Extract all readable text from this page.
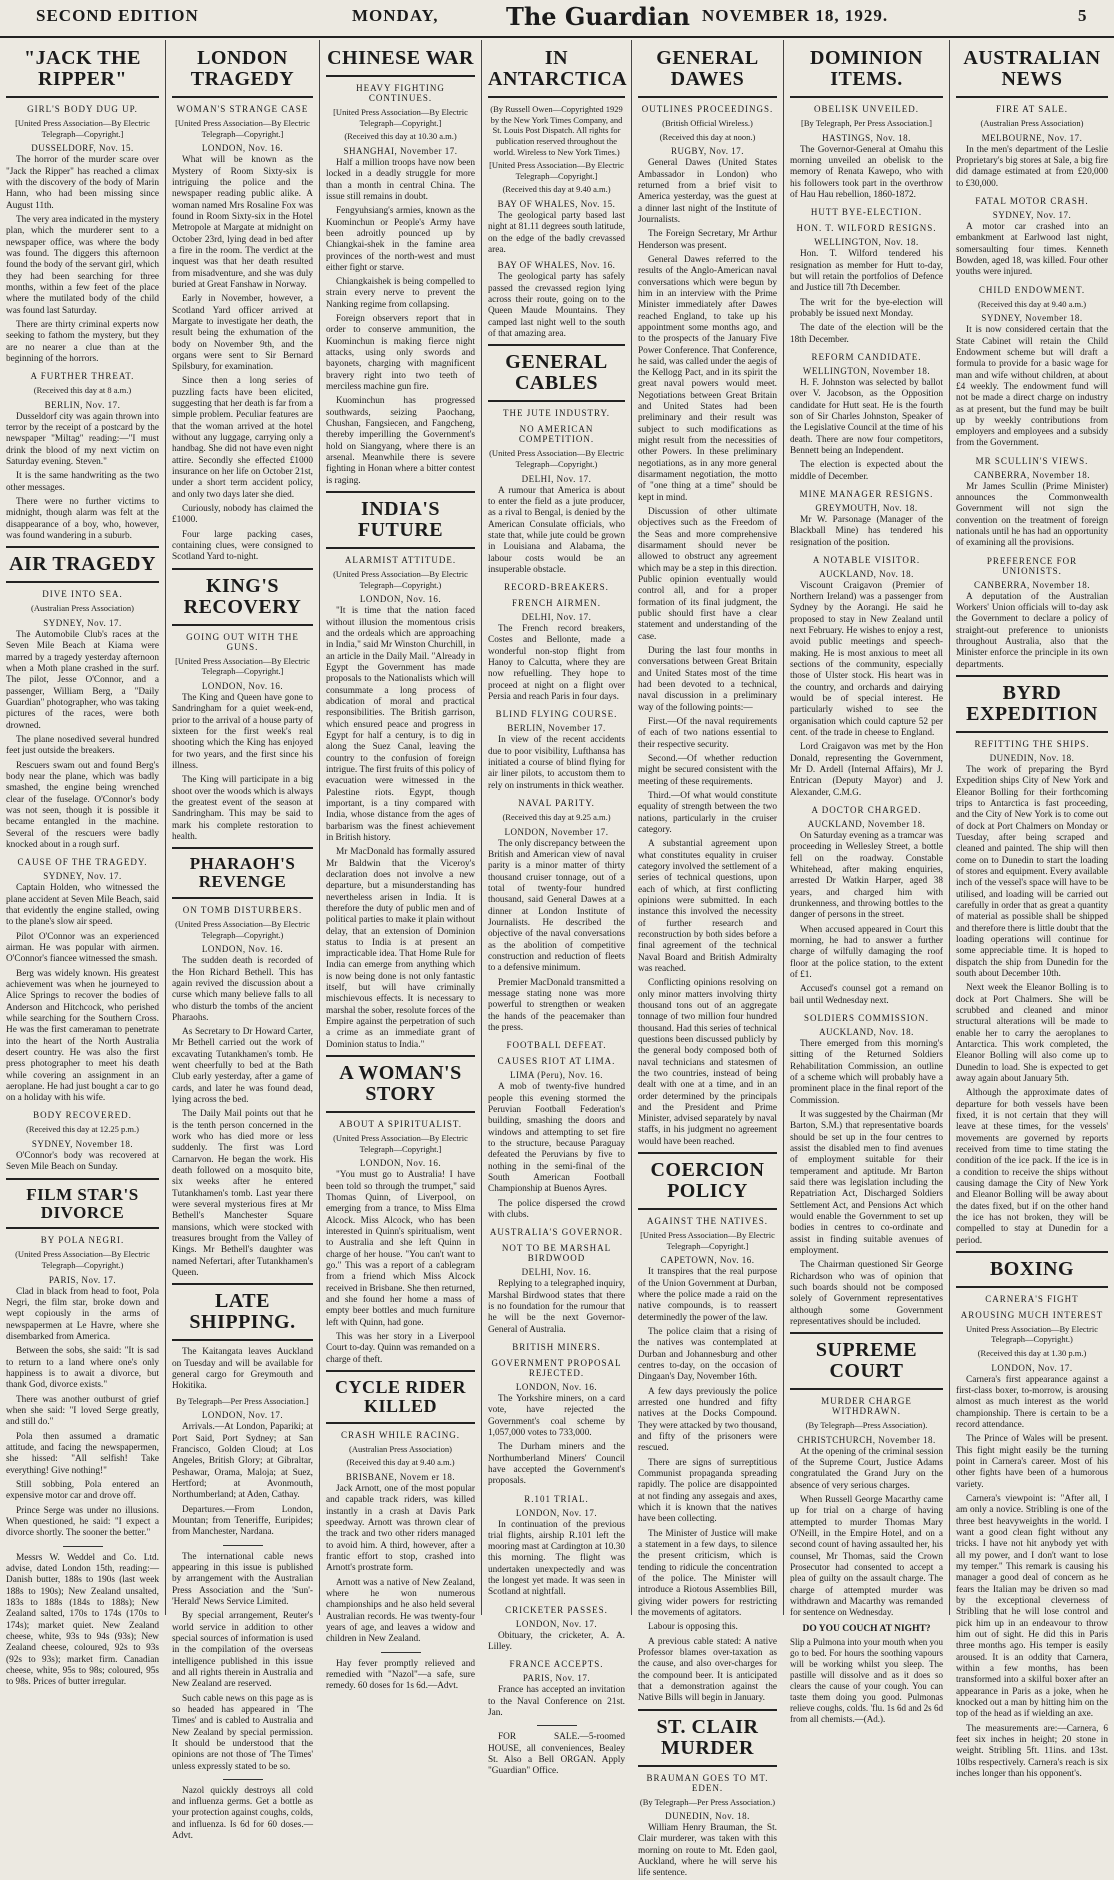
SECOND EDITION	MONDAY,	The Guardian NOVEMBER 18, 1929.	5
"JACK THE RIPPER"
GIRL'S BODY DUG UP.
[United Press Association—By Electric Telegraph—Copyright.]
DUSSELDORF, Nov. 15.

The horror of the murder scare over "Jack the Ripper" has reached a climax with the discovery of the body of Marin Hann, who had been missing since August 11th.

The very area indicated in the mystery plan, which the murderer sent to a newspaper office, was where the body was found. The diggers this afternoon found the body of the servant girl, which they had been searching for three months, within a few feet of the place where the mutilated body of the child was found last Saturday.

There are thirty criminal experts now seeking to fathom the mystery, but they are no nearer a clue than at the beginning of the horrors.

A FURTHER THREAT.
(Received this day at 8 a.m.)
BERLIN, Nov. 17.

Dusseldorf city was again thrown into terror by the receipt of a postcard by the newspaper "Miltag" reading:—"I must drink the blood of my next victim on Saturday evening. Steven."

It is the same handwriting as the two other messages.

There were no further victims to midnight, though alarm was felt at the disappearance of a boy, who, however, was found wandering in a suburb.

AIR TRAGEDY
DIVE INTO SEA.
(Australian Press Association)
SYDNEY, Nov. 17.

The Automobile Club's races at the Seven Mile Beach at Kiama were marred by a tragedy yesterday afternoon when a Moth plane crashed in the surf. The pilot, Jesse O'Connor, and a passenger, William Berg, a "Daily Guardian" photographer, who was taking pictures of the races, were both drowned.

The plane nosedived several hundred feet just outside the breakers.

Rescuers swam out and found Berg's body near the plane, which was badly smashed, the engine being wrenched clear of the fuselage. O'Connor's body was not seen, though it is possible it became entangled in the machine. Several of the rescuers were badly knocked about in a rough surf.

CAUSE OF THE TRAGEDY.
SYDNEY, Nov. 17.

Captain Holden, who witnessed the plane accident at Seven Mile Beach, said that evidently the engine stalled, owing to the plane's slow air speed.

Pilot O'Connor was an experienced airman. He was popular with airmen. O'Connor's fiancee witnessed the smash.

Berg was widely known. His greatest achievement was when he journeyed to Alice Springs to recover the bodies of Anderson and Hitchcock, who perished while searching for the Southern Cross. He was the first cameraman to penetrate into the heart of the North Australia desert country. He was also the first press photographer to meet his death while covering an assignment in an aeroplane. He had just bought a car to go on a holiday with his wife.

BODY RECOVERED.
(Received this day at 12.25 p.m.)
SYDNEY, November 18.

O'Connor's body was recovered at Seven Mile Beach on Sunday.

FILM STAR'S DIVORCE
BY POLA NEGRI.
(United Press Association—By Electric Telegraph—Copyright.)
PARIS, Nov. 17.

Clad in black from head to foot, Pola Negri, the film star, broke down and wept copiously in the arms of newspapermen at Le Havre, where she disembarked from America.

Between the sobs, she said: "It is sad to return to a land where one's only happiness is to await a divorce, but thank God, divorce exists."

There was another outburst of grief when she said: "I loved Serge greatly, and still do."

Pola then assumed a dramatic attitude, and facing the newspapermen, she hissed: "All selfish! Take everything! Give nothing!"

Still sobbing, Pola entered an expensive motor car and drove off.

Prince Serge was under no illusions. When questioned, he said: "I expect a divorce shortly. The sooner the better."

Messrs W. Weddel and Co. Ltd. advise, dated London 15th, reading:—Danish butter, 188s to 190s (last week 188s to 190s); New Zealand unsalted, 183s to 188s (184s to 188s); New Zealand salted, 170s to 174s (170s to 174s); market quiet. New Zealand cheese, white, 93s to 94s (93s); New Zealand cheese, coloured, 92s to 93s (92s to 93s); market firm. Canadian cheese, white, 95s to 98s; coloured, 95s to 98s. Prices of butter irregular.

LONDON TRAGEDY
WOMAN'S STRANGE CASE
[United Press Association—By Electric Telegraph—Copyright.]
LONDON, Nov. 16.

What will be known as the Mystery of Room Sixty-six is intriguing the police and the newspaper reading public alike. A woman named Mrs Rosaline Fox was found in Room Sixty-six in the Hotel Metropole at Margate at midnight on October 23rd, lying dead in bed after a fire in the room. The verdict at the inquest was that her death resulted from misadventure, and she was duly buried at Great Fanshaw in Norway.

Early in November, however, a Scotland Yard officer arrived at Margate to investigate her death, the result being the exhumation of the body on November 9th, and the organs were sent to Sir Bernard Spilsbury, for examination.

Since then a long series of puzzling facts have been elicited, suggesting that her death is far from a simple problem. Peculiar features are that the woman arrived at the hotel without any luggage, carrying only a handbag. She did not have even night attire. Secondly she effected £1000 insurance on her life on October 21st, under a short term accident policy, and only two days later she died.

Curiously, nobody has claimed the £1000.

Four large packing cases, containing clues, were consigned to Scotland Yard to-night.

KING'S RECOVERY
GOING OUT WITH THE GUNS.
[United Press Association—By Electric Telegraph—Copyright.]
LONDON, Nov. 16.

The King and Queen have gone to Sandringham for a quiet week-end, prior to the arrival of a house party of sixteen for the first week's real shooting which the King has enjoyed for two years, and the first since his illness.

The King will participate in a big shoot over the woods which is always the greatest event of the season at Sandringham. This may be said to mark his complete restoration to health.

PHARAOH'S REVENGE
ON TOMB DISTURBERS.
(United Press Association—By Electric Telegraph—Copyright.)
LONDON, Nov. 16.

The sudden death is recorded of the Hon Richard Bethell. This has again revived the discussion about a curse which many believe falls to all who disturb the tombs of the ancient Pharaohs.

As Secretary to Dr Howard Carter, Mr Bethell carried out the work of excavating Tutankhamen's tomb. He went cheerfully to bed at the Bath Club early yesterday, after a game of cards, and later he was found dead, lying across the bed.

The Daily Mail points out that he is the tenth person concerned in the work who has died more or less suddenly. The first was Lord Carnarvon. He began the work. His death followed on a mosquito bite, six weeks after he entered Tutankhamen's tomb. Last year there were several mysterious fires at Mr Bethell's Manchester Square mansions, which were stocked with treasures brought from the Valley of Kings. Mr Bethell's daughter was named Nefertari, after Tutankhamen's Queen.

LATE SHIPPING.

The Kaitangata leaves Auckland on Tuesday and will be available for general cargo for Greymouth and Hokitika.

By Telegraph—Per Press Association.]
LONDON, Nov. 17.

Arrivals.—At London, Papariki; at Port Said, Port Sydney; at San Francisco, Golden Cloud; at Los Angeles, British Glory; at Gibraltar, Peshawar, Orama, Maloja; at Suez, Hertford; at Avonmouth, Northumberland; at Aden, Cathay.

Departures.—From London, Mountan; from Teneriffe, Euripides; from Manchester, Nardana.

The international cable news appearing in this issue is published by arrangement with the Australian Press Association and the 'Sun'-'Herald' News Service Limited.

By special arrangement, Reuter's world service in addition to other special sources of information is used in the compilation of the overseas intelligence published in this issue and all rights therein in Australia and New Zealand are reserved.

Such cable news on this page as is so headed has appeared in 'The Times' and is cabled to Australia and New Zealand by special permission. It should be understood that the opinions are not those of 'The Times' unless expressly stated to be so.

Nazol quickly destroys all cold and influenza germs. Get a bottle as your protection against coughs, colds, and influenza. Is 6d for 60 doses.—Advt.

CHINESE WAR
HEAVY FIGHTING CONTINUES.
[United Press Association—By Electric Telegraph—Copyright.]
(Received this day at 10.30 a.m.)
SHANGHAI, November 17.

Half a million troops have now been locked in a deadly struggle for more than a month in central China. The issue still remains in doubt.

Fengyuhsiang's armies, known as the Kuominchun or People's Army have been adroitly pounced up by Chiangkai-shek in the famine area provinces of the north-west and must either fight or starve.

Chiangkaishek is being compelled to strain every nerve to prevent the Nanking regime from collapsing.

Foreign observers report that in order to conserve ammunition, the Kuominchun is making fierce night attacks, using only swords and bayonets, charging with magnificent bravery right into two teeth of merciless machine gun fire.

Kuominchun has progressed southwards, seizing Paochang, Chushan, Fangsiecen, and Fangcheng, thereby imperilling the Government's hold on Siangyang, where there is an arsenal. Meanwhile there is severe fighting in Honan where a bitter contest is raging.

INDIA'S FUTURE
ALARMIST ATTITUDE.
(United Press Association—By Electric Telegraph—Copyright.)
LONDON, Nov. 16.

"It is time that the nation faced without illusion the momentous crisis and the ordeals which are approaching in India," said Mr Winston Churchill, in an article in the Daily Mail. "Already in Egypt the Government has made proposals to the Nationalists which will consummate a long process of abdication of moral and practical responsibilities. The British garrison, which ensured peace and progress in Egypt for half a century, is to dig in along the Suez Canal, leaving the country to the confusion of foreign intrigue. The first fruits of this policy of evacuation were witnessed in the Palestine riots. Egypt, though important, is a tiny compared with India, whose distance from the ages of barbarism was the finest achievement in British history.

Mr MacDonald has formally assured Mr Baldwin that the Viceroy's declaration does not involve a new departure, but a misunderstanding has nevertheless arisen in India. It is therefore the duty of public men and of political parties to make it plain without delay, that an extension of Dominion status to India is at present an impracticable idea. That Home Rule for India can emerge from anything which is now being done is not only fantastic itself, but will have criminally mischievous effects. It is necessary to marshal the sober, resolute forces of the Empire against the perpetration of such a crime as an immediate grant of Dominion status to India."

A WOMAN'S STORY
ABOUT A SPIRITUALIST.
(United Press Association—By Electric Telegraph—Copyright.]
LONDON, Nov. 16.

"You must go to Australia! I have been told so through the trumpet," said Thomas Quinn, of Liverpool, on emerging from a trance, to Miss Elma Alcock. Miss Alcock, who has been interested in Quinn's spiritualism, went to Australia and she left Quinn in charge of her house. "You can't want to go." This was a report of a cablegram from a friend which Miss Alcock received in Brisbane. She then returned, and she found her home a mass of empty beer bottles and much furniture left with Quinn, had gone.

This was her story in a Liverpool Court to-day. Quinn was remanded on a charge of theft.

CYCLE RIDER KILLED
CRASH WHILE RACING.
(Australian Press Association)
(Received this day at 9.40 a.m.)
BRISBANE, Novem er 18.

Jack Arnott, one of the most popular and capable track riders, was killed instantly in a crash at Davis Park speedway. Arnott was thrown clear of the track and two other riders managed to avoid him. A third, however, after a frantic effort to stop, crashed into Arnott's prostrate form.

Arnott was a native of New Zealand, where he won numerous championships and he also held several Australian records. He was twenty-four years of age, and leaves a widow and children in New Zealand.

Hay fever promptly relieved and remedied with "Nazol"—a safe, sure remedy. 60 doses for 1s 6d.—Advt.

IN ANTARCTICA
(By Russell Owen—Copyrighted 1929 by the New York Times Company, and St. Louis Post Dispatch. All rights for publication reserved throughout the world. Wireless to New York Times.)
[United Press Association—By Electric Telegraph—Copyright.]
(Received this day at 9.40 a.m.)
BAY OF WHALES, Nov. 15.

The geological party based last night at 81.11 degrees south latitude, on the edge of the badly crevassed area.

BAY OF WHALES, Nov. 16.

The geological party has safely passed the crevassed region lying across their route, going on to the Queen Maude Mountains. They camped last night well to the south of that amazing area.

GENERAL CABLES
THE JUTE INDUSTRY.
NO AMERICAN COMPETITION.
(United Press Association—By Electric Telegraph—Copyright.)
DELHI, Nov. 17.

A rumour that America is about to enter the field as a jute producer, as a rival to Bengal, is denied by the American Consulate officials, who state that, while jute could be grown in Louisiana and Alabama, the labour costs would be an insuperable obstacle.

RECORD-BREAKERS.
FRENCH AIRMEN.
DELHI, Nov. 17.

The French record breakers, Costes and Bellonte, made a wonderful non-stop flight from Hanoy to Calcutta, where they are now refuelling. They hope to proceed at night on a flight over Persia and reach Paris in four days.

BLIND FLYING COURSE.
BERLIN, November 17.

In view of the recent accidents due to poor visibility, Lufthansa has initiated a course of blind flying for air liner pilots, to accustom them to rely on instruments in thick weather.

NAVAL PARITY.
(Received this day at 9.25 a.m.)
LONDON, November 17.

The only discrepancy between the British and American view of naval parity is a minor matter of thirty thousand cruiser tonnage, out of a total of twenty-four hundred thousand, said General Dawes at a dinner at London Institute of Journalists. He described the objective of the naval conversations as the abolition of competitive construction and reduction of fleets to a defensive minimum.

Premier MacDonald transmitted a message stating none was more powerful to strengthen or weaken the hands of the peacemaker than the press.

FOOTBALL DEFEAT.
CAUSES RIOT AT LIMA.
LIMA (Peru), Nov. 16.

A mob of twenty-five hundred people this evening stormed the Peruvian Football Federation's building, smashing the doors and windows and attempting to set fire to the structure, because Paraguay defeated the Peruvians by five to nothing in the semi-final of the South American Football Championship at Buenos Ayres.

The police dispersed the crowd with clubs.

AUSTRALIA'S GOVERNOR.
NOT TO BE MARSHAL BIRDWOOD
DELHI, Nov. 16.

Replying to a telegraphed inquiry, Marshal Birdwood states that there is no foundation for the rumour that he will be the next Governor-General of Australia.

BRITISH MINERS.
GOVERNMENT PROPOSAL REJECTED.
LONDON, Nov. 16.

The Yorkshire miners, on a card vote, have rejected the Government's coal scheme by 1,057,000 votes to 733,000.

The Durham miners and the Northumberland Miners' Council have accepted the Government's proposals.

R.101 TRIAL.
LONDON, Nov. 17.

In continuation of the previous trial flights, airship R.101 left the mooring mast at Cardington at 10.30 this morning. The flight was undertaken unexpectedly and was the longest yet made. It was seen in Scotland at nightfall.

CRICKETER PASSES.
LONDON, Nov. 17.

Obituary, the cricketer, A. A. Lilley.

FRANCE ACCEPTS.
PARIS, Nov. 17.

France has accepted an invitation to the Naval Conference on 21st. Jan.

FOR SALE.—5-roomed HOUSE, all conveniences, Bealey St. Also a Bell ORGAN. Apply "Guardian" Office.

GENERAL DAWES
OUTLINES PROCEEDINGS.
(British Official Wireless.)
(Received this day at noon.)
RUGBY, Nov. 17.

General Dawes (United States Ambassador in London) who returned from a brief visit to America yesterday, was the guest at a dinner last night of the Institute of Journalists.

The Foreign Secretary, Mr Arthur Henderson was present.

General Dawes referred to the results of the Anglo-American naval conversations which were begun by him in an interview with the Prime Minister immediately after Dawes reached England, to take up his appointment some months ago, and to the prospects of the January Five Power Conference. That Conference, he said, was called under the aegis of the Kellogg Pact, and in its spirit the great naval powers would meet. Negotiations between Great Britain and United States had been preliminary and their result was subject to such modifications as might result from the necessities of other Powers. In these preliminary negotiations, as in any more general disarmament negotiation, the motto of "one thing at a time" should be kept in mind.

Discussion of other ultimate objectives such as the Freedom of the Seas and more comprehensive disarmament should never be allowed to obstruct any agreement which may be a step in this direction. Public opinion eventually would control all, and for a proper formation of its final judgment, the public should first have a clear statement and understanding of the case.

During the last four months in conversations between Great Britain and United States most of the time had been devoted to a technical, naval discussion in a preliminary way of the following points:—

First.—Of the naval requirements of each of two nations essential to their respective security.

Second.—Of whether reduction might be secured consistent with the meeting of these requirements.

Third.—Of what would constitute equality of strength between the two nations, particularly in the cruiser category.

A substantial agreement upon what constitutes equality in cruiser category involved the settlement of a series of technical questions, upon each of which, at first conflicting opinions were submitted. In each instance this involved the necessity of further research and reconstruction by both sides before a final agreement of the technical Naval Board and British Admiralty was reached.

Conflicting opinions resolving on only minor matters involving thirty thousand tons out of an aggregate tonnage of two million four hundred thousand. Had this series of technical questions been discussed publicly by the general body composed both of naval technicians and statesmen of the two countries, instead of being dealt with one at a time, and in an order determined by the principals and the President and Prime Minister, advised separately by naval staffs, in his judgment no agreement would have been reached.

COERCION POLICY
AGAINST THE NATIVES.
[United Press Association—By Electric Telegraph—Copyright.]
CAPETOWN, Nov. 16.

It transpires that the real purpose of the Union Government at Durban, where the police made a raid on the native compounds, is to reassert determinedly the power of the law.

The police claim that a rising of the natives was contemplated at Durban and Johannesburg and other centres to-day, on the occasion of Dingaan's Day, November 16th.

A few days previously the police arrested one hundred and fifty natives at the Docks Compound. They were attacked by two thousand, and fifty of the prisoners were rescued.

There are signs of surreptitious Communist propaganda spreading rapidly. The police are disappointed at not finding any assegais and axes, which it is known that the natives have been collecting.

The Minister of Justice will make a statement in a few days, to silence the present criticism, which is tending to ridicule the concentration of the police. The Minister will introduce a Riotous Assemblies Bill, giving wider powers for restricting the movements of agitators.

Labour is opposing this.

A previous cable stated: A native Professor blames over-taxation as the cause, and also over-charges for the compound beer. It is anticipated that a demonstration against the Native Bills will begin in January.

ST. CLAIR MURDER
BRAUMAN GOES TO MT. EDEN.
(By Telegraph—Per Press Association.)
DUNEDIN, Nov. 18.

William Henry Brauman, the St. Clair murderer, was taken with this morning on route to Mt. Eden gaol, Auckland, where he will serve his life sentence.

DOMINION ITEMS.
OBELISK UNVEILED.
[By Telegraph, Per Press Association.]
HASTINGS, Nov. 18.

The Governor-General at Omahu this morning unveiled an obelisk to the memory of Renata Kawepo, who with his followers took part in the overthrow of Hau Hau rebellion, 1860-1872.

HUTT BYE-ELECTION.
HON. T. WILFORD RESIGNS.
WELLINGTON, Nov. 18.

Hon. T. Wilford tendered his resignation as member for Hutt to-day, but will retain the portfolios of Defence and Justice till 7th December.

The writ for the bye-election will probably be issued next Monday.

The date of the election will be the 18th December.

REFORM CANDIDATE.
WELLINGTON, November 18.

H. F. Johnston was selected by ballot over V. Jacobson, as the Opposition candidate for Hutt seat. He is the fourth son of Sir Charles Johnston, Speaker of the Legislative Council at the time of his death. There are now four competitors, Bennett being an Independent.

The election is expected about the middle of December.

MINE MANAGER RESIGNS.
GREYMOUTH, Nov. 18.

Mr W. Parsonage (Manager of the Blackball Mine) has tendered his resignation of the position.

A NOTABLE VISITOR.
AUCKLAND, Nov. 18.

Viscount Craigavon (Premier of Northern Ireland) was a passenger from Sydney by the Aorangi. He said he proposed to stay in New Zealand until next February. He wishes to enjoy a rest, avoid public meetings and speech-making. He is most anxious to meet all sections of the community, especially those of Ulster stock. His heart was in the country, and orchards and dairying would be of special interest. He particularly wished to see the organisation which could capture 52 per cent. of the trade in cheese to England.

Lord Craigavon was met by the Hon Donald, representing the Government, Mr D. Ardell (Internal Affairs), Mr J. Entrican (Deputy Mayor) and J. Alexander, C.M.G.

A DOCTOR CHARGED.
AUCKLAND, November 18.

On Saturday evening as a tramcar was proceeding in Wellesley Street, a bottle fell on the roadway. Constable Whitehead, after making enquiries, arrested Dr Watkin Harper, aged 38 years, and charged him with drunkenness, and throwing bottles to the danger of persons in the street.

When accused appeared in Court this morning, he had to answer a further charge of wilfully damaging the roof floor at the police station, to the extent of £1.

Accused's counsel got a remand on bail until Wednesday next.

SOLDIERS COMMISSION.
AUCKLAND, Nov. 18.

There emerged from this morning's sitting of the Returned Soldiers Rehabilitation Commission, an outline of a scheme which will probably have a prominent place in the final report of the Commission.

It was suggested by the Chairman (Mr Barton, S.M.) that representative boards should be set up in the four centres to assist the disabled men to find avenues of employment suitable for their temperament and aptitude. Mr Barton said there was legislation including the Repatriation Act, Discharged Soldiers Settlement Act, and Pensions Act which would enable the Government to set up bodies in centres to co-ordinate and assist in finding suitable avenues of employment.

The Chairman questioned Sir George Richardson who was of opinion that such boards should not be composed solely of Government representatives although some Government representatives should be included.

SUPREME COURT
MURDER CHARGE WITHDRAWN.
(By Telegraph—Press Association).
CHRISTCHURCH, November 18.

At the opening of the criminal session of the Supreme Court, Justice Adams congratulated the Grand Jury on the absence of very serious charges.

When Russell George Macarthy came up for trial on a charge of having attempted to murder Thomas Mary O'Neill, in the Empire Hotel, and on a second count of having assaulted her, his counsel, Mr Thomas, said the Crown Prosecutor had consented to accept a plea of guilty on the assault charge. The charge of attempted murder was withdrawn and Macarthy was remanded for sentence on Wednesday.

DO YOU COUCH AT NIGHT?
Slip a Pulmona into your mouth when you go to bed. For hours the soothing vapours will be working whilst you sleep. The pastille will dissolve and as it does so clears the cause of your cough. You can taste them doing you good. Pulmonas relieve coughs, colds. 'flu. 1s 6d and 2s 6d from all chemists.—(Ad.).
AUSTRALIAN NEWS
FIRE AT SALE.
(Australian Press Association)
MELBOURNE, Nov. 17.

In the men's department of the Leslie Proprietary's big stores at Sale, a big fire did damage estimated at from £20,000 to £30,000.

FATAL MOTOR CRASH.
SYDNEY, Nov. 17.

A motor car crashed into an embankment at Earlwood last night, somersaulting four times. Kenneth Bowden, aged 18, was killed. Four other youths were injured.

CHILD ENDOWMENT.
(Received this day at 9.40 a.m.)
SYDNEY, November 18.

It is now considered certain that the State Cabinet will retain the Child Endowment scheme but will draft a formula to provide for a basic wage for man and wife without children, at about £4 weekly. The endowment fund will not be made a direct charge on industry as at present, but the fund may be built up by weekly contributions from employers and employees and a subsidy from the Government.

MR SCULLIN'S VIEWS.
CANBERRA, November 18.

Mr James Scullin (Prime Minister) announces the Commonwealth Government will not sign the convention on the treatment of foreign nationals until he has had an opportunity of examining all the provisions.

PREFERENCE FOR UNIONISTS.
CANBERRA, November 18.

A deputation of the Australian Workers' Union officials will to-day ask the Government to declare a policy of straight-out preference to unionists throughout Australia, also that the Minister enforce the principle in its own departments.

BYRD EXPEDITION
REFITTING THE SHIPS.
DUNEDIN, Nov. 18.

The work of preparing the Byrd Expedition ships City of New York and Eleanor Bolling for their forthcoming trips to Antarctica is fast proceeding, and the City of New York is to come out of dock at Port Chalmers on Monday or Tuesday, after being scraped and cleaned and painted. The ship will then come on to Dunedin to start the loading of stores and equipment. Every available inch of the vessel's space will have to be utilised, and loading will be carried out carefully in order that as great a quantity of material as possible shall be shipped and therefore there is little doubt that the loading operations will continue for some appreciable time. It is hoped to dispatch the ship from Dunedin for the south about December 10th.

Next week the Eleanor Bolling is to dock at Port Chalmers. She will be scrubbed and cleaned and minor structural alterations will be made to enable her to carry the aeroplanes to Antarctica. This work completed, the Eleanor Bolling will also come up to Dunedin to load. She is expected to get away again about January 5th.

Although the approximate dates of departure for both vessels have been fixed, it is not certain that they will leave at these times, for the vessels' movements are governed by reports received from time to time stating the condition of the ice pack. If the ice is in a condition to receive the ships without causing damage the City of New York and Eleanor Bolling will be away about the dates fixed, but if on the other hand the ice has not broken, they will be compelled to stay at Dunedin for a period.

BOXING
CARNERA'S FIGHT
AROUSING MUCH INTEREST
United Press Association—By Electric Telegraph—Copyright.)
(Received this day at 1.30 p.m.)
LONDON, Nov. 17.

Carnera's first appearance against a first-class boxer, to-morrow, is arousing almost as much interest as the world championship. There is certain to be a record attendance.

The Prince of Wales will be present. This fight might easily be the turning point in Carnera's career. Most of his other fights have been of a humorous variety.

Carnera's viewpoint is: "After all, I am only a novice. Stribling is one of the three best heavyweights in the world. I want a good clean fight without any tricks. I have not hit anybody yet with all my power, and I don't want to lose my temper." This remark is causing his manager a good deal of concern as he fears the Italian may be driven so mad by the exceptional cleverness of Stribling that he will lose control and pick him up in an endeavour to throw him out of sight. He did this in Paris three months ago. His temper is easily aroused. It is an oddity that Carnera, within a few months, has been transformed into a skilful boxer after an appearance in Paris as a joke, when he knocked out a man by hitting him on the top of the head as if wielding an axe.

The measurements are:—Carnera, 6 feet six inches in height; 20 stone in weight. Stribling 5ft. 11ins. and 13st. 10lbs respectively. Carnera's reach is six inches longer than his opponent's.
